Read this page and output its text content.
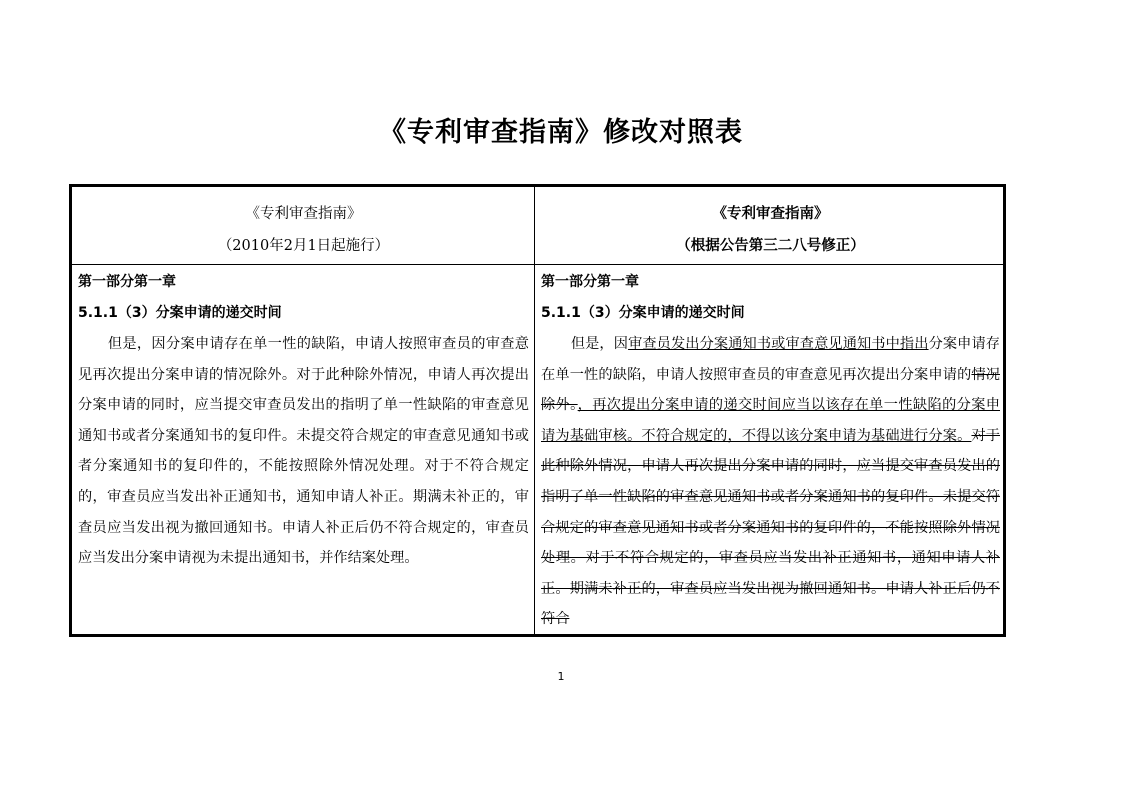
《专利审查指南》修改对照表
《专利审查指南》
（2010年2月1日起施行）
第一部分第一章
5.1.1（3）分案申请的递交时间

但是，因分案申请存在单一性的缺陷，申请人按照审查员的审查意见再次提出分案申请的情况除外。对于此种除外情况，申请人再次提出分案申请的同时，应当提交审查员发出的指明了单一性缺陷的审查意见通知书或者分案通知书的复印件。未提交符合规定的审查意见通知书或者分案通知书的复印件的，不能按照除外情况处理。对于不符合规定的，审查员应当发出补正通知书，通知申请人补正。期满未补正的，审查员应当发出视为撤回通知书。申请人补正后仍不符合规定的，审查员应当发出分案申请视为未提出通知书，并作结案处理。

《专利审查指南》
（根据公告第三二八号修正）
第一部分第一章
5.1.1（3）分案申请的递交时间

但是，因审查员发出分案通知书或审查意见通知书中指出分案申请存在单一性的缺陷，申请人按照审查员的审查意见再次提出分案申请的情况除外。，再次提出分案申请的递交时间应当以该存在单一性缺陷的分案申请为基础审核。不符合规定的，不得以该分案申请为基础进行分案。对于此种除外情况，申请人再次提出分案申请的同时，应当提交审查员发出的指明了单一性缺陷的审查意见通知书或者分案通知书的复印件。未提交符合规定的审查意见通知书或者分案通知书的复印件的，不能按照除外情况处理。对于不符合规定的，审查员应当发出补正通知书，通知申请人补正。期满未补正的，审查员应当发出视为撤回通知书。申请人补正后仍不符合

1
